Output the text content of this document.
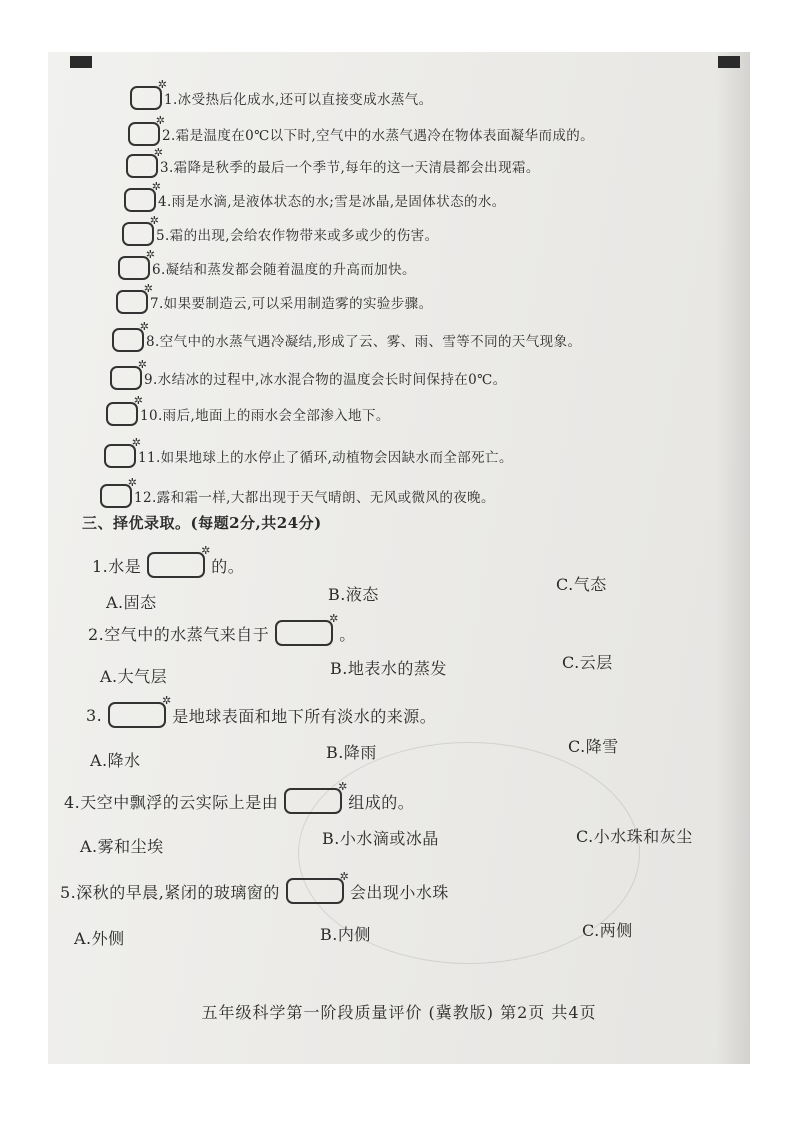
✲
1.冰受热后化成水,还可以直接变成水蒸气。
✲
2.霜是温度在0℃以下时,空气中的水蒸气遇冷在物体表面凝华而成的。
✲
3.霜降是秋季的最后一个季节,每年的这一天清晨都会出现霜。
✲
4.雨是水滴,是液体状态的水;雪是冰晶,是固体状态的水。
✲
5.霜的出现,会给农作物带来或多或少的伤害。
✲
6.凝结和蒸发都会随着温度的升高而加快。
✲
7.如果要制造云,可以采用制造雾的实验步骤。
✲
8.空气中的水蒸气遇冷凝结,形成了云、雾、雨、雪等不同的天气现象。
✲
9.水结冰的过程中,冰水混合物的温度会长时间保持在0℃。
✲
10.雨后,地面上的雨水会全部渗入地下。
✲
11.如果地球上的水停止了循环,动植物会因缺水而全部死亡。
✲
12.露和霜一样,大都出现于天气晴朗、无风或微风的夜晚。
三、择优录取。(每题2分,共24分)
1.水是
✲
的。
A.固态	B.液态
C.气态
2.空气中的水蒸气来自于
✲
。
A.大气层	B.地表水的蒸发	C.云层
3.
✲
是地球表面和地下所有淡水的来源。
A.降水	B.降雨	C.降雪
4.天空中飘浮的云实际上是由
✲
组成的。
A.雾和尘埃	B.小水滴或冰晶	C.小水珠和灰尘
5.深秋的早晨,紧闭的玻璃窗的
✲
会出现小水珠
A.外侧	B.内侧	C.两侧
五年级科学第一阶段质量评价 (冀教版) 第2页 共4页
